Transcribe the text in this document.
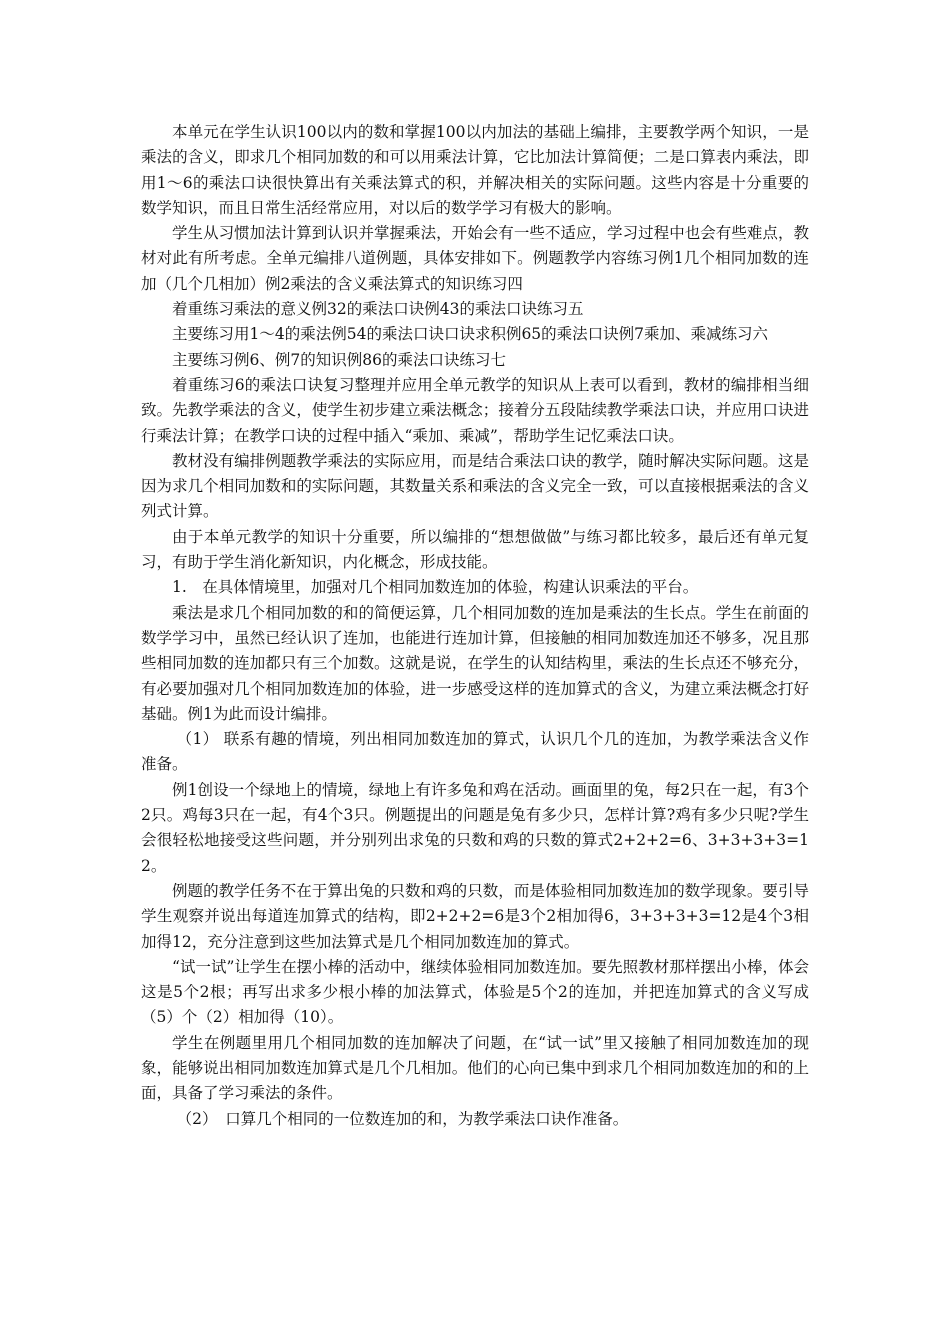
本单元在学生认识100以内的数和掌握100以内加法的基础上编排，主要教学两个知识，一是乘法的含义，即求几个相同加数的和可以用乘法计算，它比加法计算简便；二是口算表内乘法，即用1～6的乘法口诀很快算出有关乘法算式的积，并解决相关的实际问题。这些内容是十分重要的数学知识，而且日常生活经常应用，对以后的数学学习有极大的影响。

学生从习惯加法计算到认识并掌握乘法，开始会有一些不适应，学习过程中也会有些难点，教材对此有所考虑。全单元编排八道例题，具体安排如下。例题教学内容练习例1几个相同加数的连加（几个几相加）例2乘法的含义乘法算式的知识练习四

着重练习乘法的意义例32的乘法口诀例43的乘法口诀练习五

主要练习用1～4的乘法例54的乘法口诀口诀求积例65的乘法口诀例7乘加、乘减练习六

主要练习例6、例7的知识例86的乘法口诀练习七

着重练习6的乘法口诀复习整理并应用全单元教学的知识从上表可以看到，教材的编排相当细致。先教学乘法的含义，使学生初步建立乘法概念；接着分五段陆续教学乘法口诀，并应用口诀进行乘法计算；在教学口诀的过程中插入“乘加、乘减”，帮助学生记忆乘法口诀。

教材没有编排例题教学乘法的实际应用，而是结合乘法口诀的教学，随时解决实际问题。这是因为求几个相同加数和的实际问题，其数量关系和乘法的含义完全一致，可以直接根据乘法的含义列式计算。

由于本单元教学的知识十分重要，所以编排的“想想做做”与练习都比较多，最后还有单元复习，有助于学生消化新知识，内化概念，形成技能。

1.　在具体情境里，加强对几个相同加数连加的体验，构建认识乘法的平台。

乘法是求几个相同加数的和的简便运算，几个相同加数的连加是乘法的生长点。学生在前面的数学学习中，虽然已经认识了连加，也能进行连加计算，但接触的相同加数连加还不够多，况且那些相同加数的连加都只有三个加数。这就是说，在学生的认知结构里，乘法的生长点还不够充分，有必要加强对几个相同加数连加的体验，进一步感受这样的连加算式的含义，为建立乘法概念打好基础。例1为此而设计编排。

（1） 联系有趣的情境，列出相同加数连加的算式，认识几个几的连加，为教学乘法含义作准备。

例1创设一个绿地上的情境，绿地上有许多兔和鸡在活动。画面里的兔，每2只在一起，有3个2只。鸡每3只在一起，有4个3只。例题提出的问题是兔有多少只，怎样计算?鸡有多少只呢?学生会很轻松地接受这些问题，并分别列出求兔的只数和鸡的只数的算式2+2+2=6、3+3+3+3=12。

例题的教学任务不在于算出兔的只数和鸡的只数，而是体验相同加数连加的数学现象。要引导学生观察并说出每道连加算式的结构，即2+2+2=6是3个2相加得6，3+3+3+3=12是4个3相加得12，充分注意到这些加法算式是几个相同加数连加的算式。

“试一试”让学生在摆小棒的活动中，继续体验相同加数连加。要先照教材那样摆出小棒，体会这是5个2根；再写出求多少根小棒的加法算式，体验是5个2的连加，并把连加算式的含义写成（5）个（2）相加得（10）。

学生在例题里用几个相同加数的连加解决了问题，在“试一试”里又接触了相同加数连加的现象，能够说出相同加数连加算式是几个几相加。他们的心向已集中到求几个相同加数连加的和的上面，具备了学习乘法的条件。

（2）　口算几个相同的一位数连加的和，为教学乘法口诀作准备。
